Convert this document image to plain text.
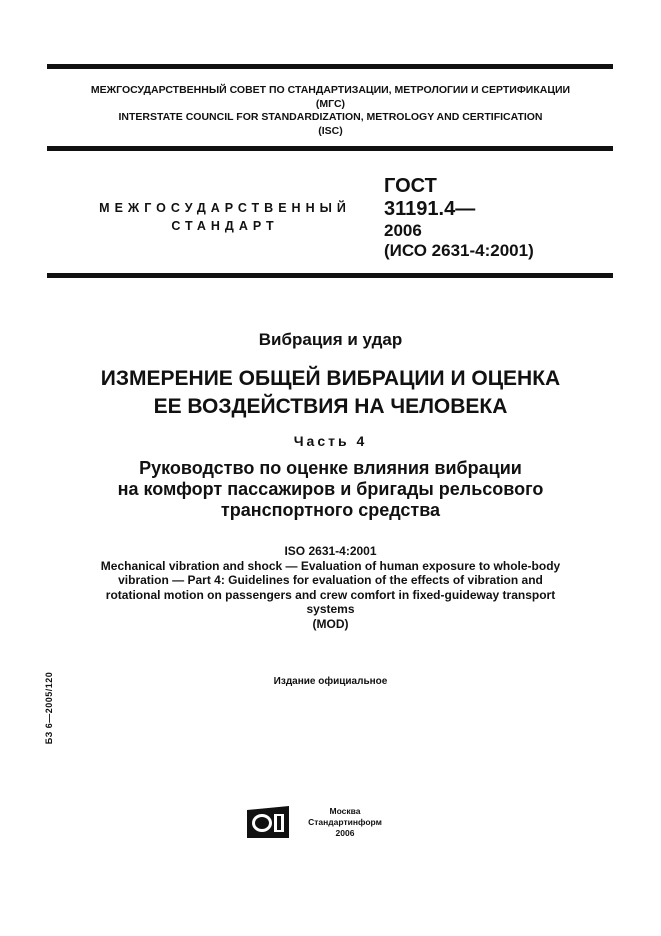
МЕЖГОСУДАРСТВЕННЫЙ СОВЕТ ПО СТАНДАРТИЗАЦИИ, МЕТРОЛОГИИ И СЕРТИФИКАЦИИ
(МГС)
INTERSTATE COUNCIL FOR STANDARDIZATION, METROLOGY AND CERTIFICATION
(ISC)
МЕЖГОСУДАРСТВЕННЫЙ
СТАНДАРТ
ГОСТ
31191.4—
2006
(ИСО 2631-4:2001)
Вибрация и удар
ИЗМЕРЕНИЕ ОБЩЕЙ ВИБРАЦИИ И ОЦЕНКА
ЕЕ ВОЗДЕЙСТВИЯ НА ЧЕЛОВЕКА
Часть 4
Руководство по оценке влияния вибрации
на комфорт пассажиров и бригады рельсового
транспортного средства
ISO 2631-4:2001
Mechanical vibration and shock — Evaluation of human exposure to whole-body
vibration — Part 4: Guidelines for evaluation of the effects of vibration and
rotational motion on passengers and crew comfort in fixed-guideway transport
systems
(MOD)
Издание официальное
БЗ 6—2005/120
Москва
Стандартинформ
2006
